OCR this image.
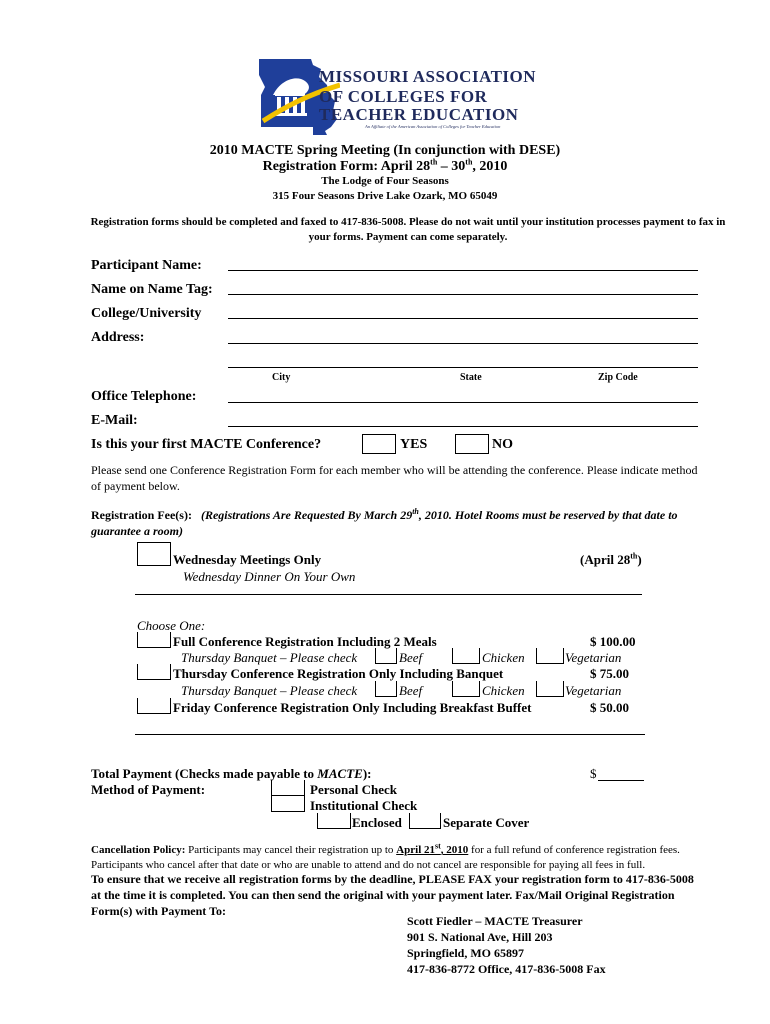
MISSOURI ASSOCIATION
OF COLLEGES FOR
TEACHER EDUCATION
An Affiliate of the American Association of Colleges for Teacher Education
2010 MACTE Spring Meeting (In conjunction with DESE)
Registration Form: April 28th – 30th, 2010
The Lodge of Four Seasons
315 Four Seasons Drive Lake Ozark, MO 65049
Registration forms should be completed and faxed to 417-836-5008. Please do not wait until your institution processes payment to fax in your forms. Payment can come separately.
Participant Name:
Name on Name Tag:
College/University
Address:
City	State	Zip Code
Office Telephone:
E-Mail:
Is this your first MACTE Conference?	YES	NO
Please send one Conference Registration Form for each member who will be attending the conference. Please indicate method of payment below.
Registration Fee(s): (Registrations Are Requested By March 29th, 2010. Hotel Rooms must be reserved by that date to guarantee a room)
Wednesday Meetings Only	(April 28th)
Wednesday Dinner On Your Own
Choose One:
Full Conference Registration Including 2 Meals	$ 100.00
Thursday Banquet – Please check	Beef	Chicken	Vegetarian
Thursday Conference Registration Only Including Banquet	$ 75.00
Thursday Banquet – Please check	Beef	Chicken	Vegetarian
Friday Conference Registration Only Including Breakfast Buffet	$ 50.00
Total Payment (Checks made payable to MACTE):	$
Method of Payment:	Personal Check
Institutional Check
Enclosed	Separate Cover
Cancellation Policy: Participants may cancel their registration up to April 21st, 2010 for a full refund of conference registration fees. Participants who cancel after that date or who are unable to attend and do not cancel are responsible for paying all fees in full.
To ensure that we receive all registration forms by the deadline, PLEASE FAX your registration form to 417-836-5008 at the time it is completed. You can then send the original with your payment later. Fax/Mail Original Registration Form(s) with Payment To:
Scott Fiedler – MACTE Treasurer
901 S. National Ave, Hill 203
Springfield, MO 65897
417-836-8772 Office, 417-836-5008 Fax
